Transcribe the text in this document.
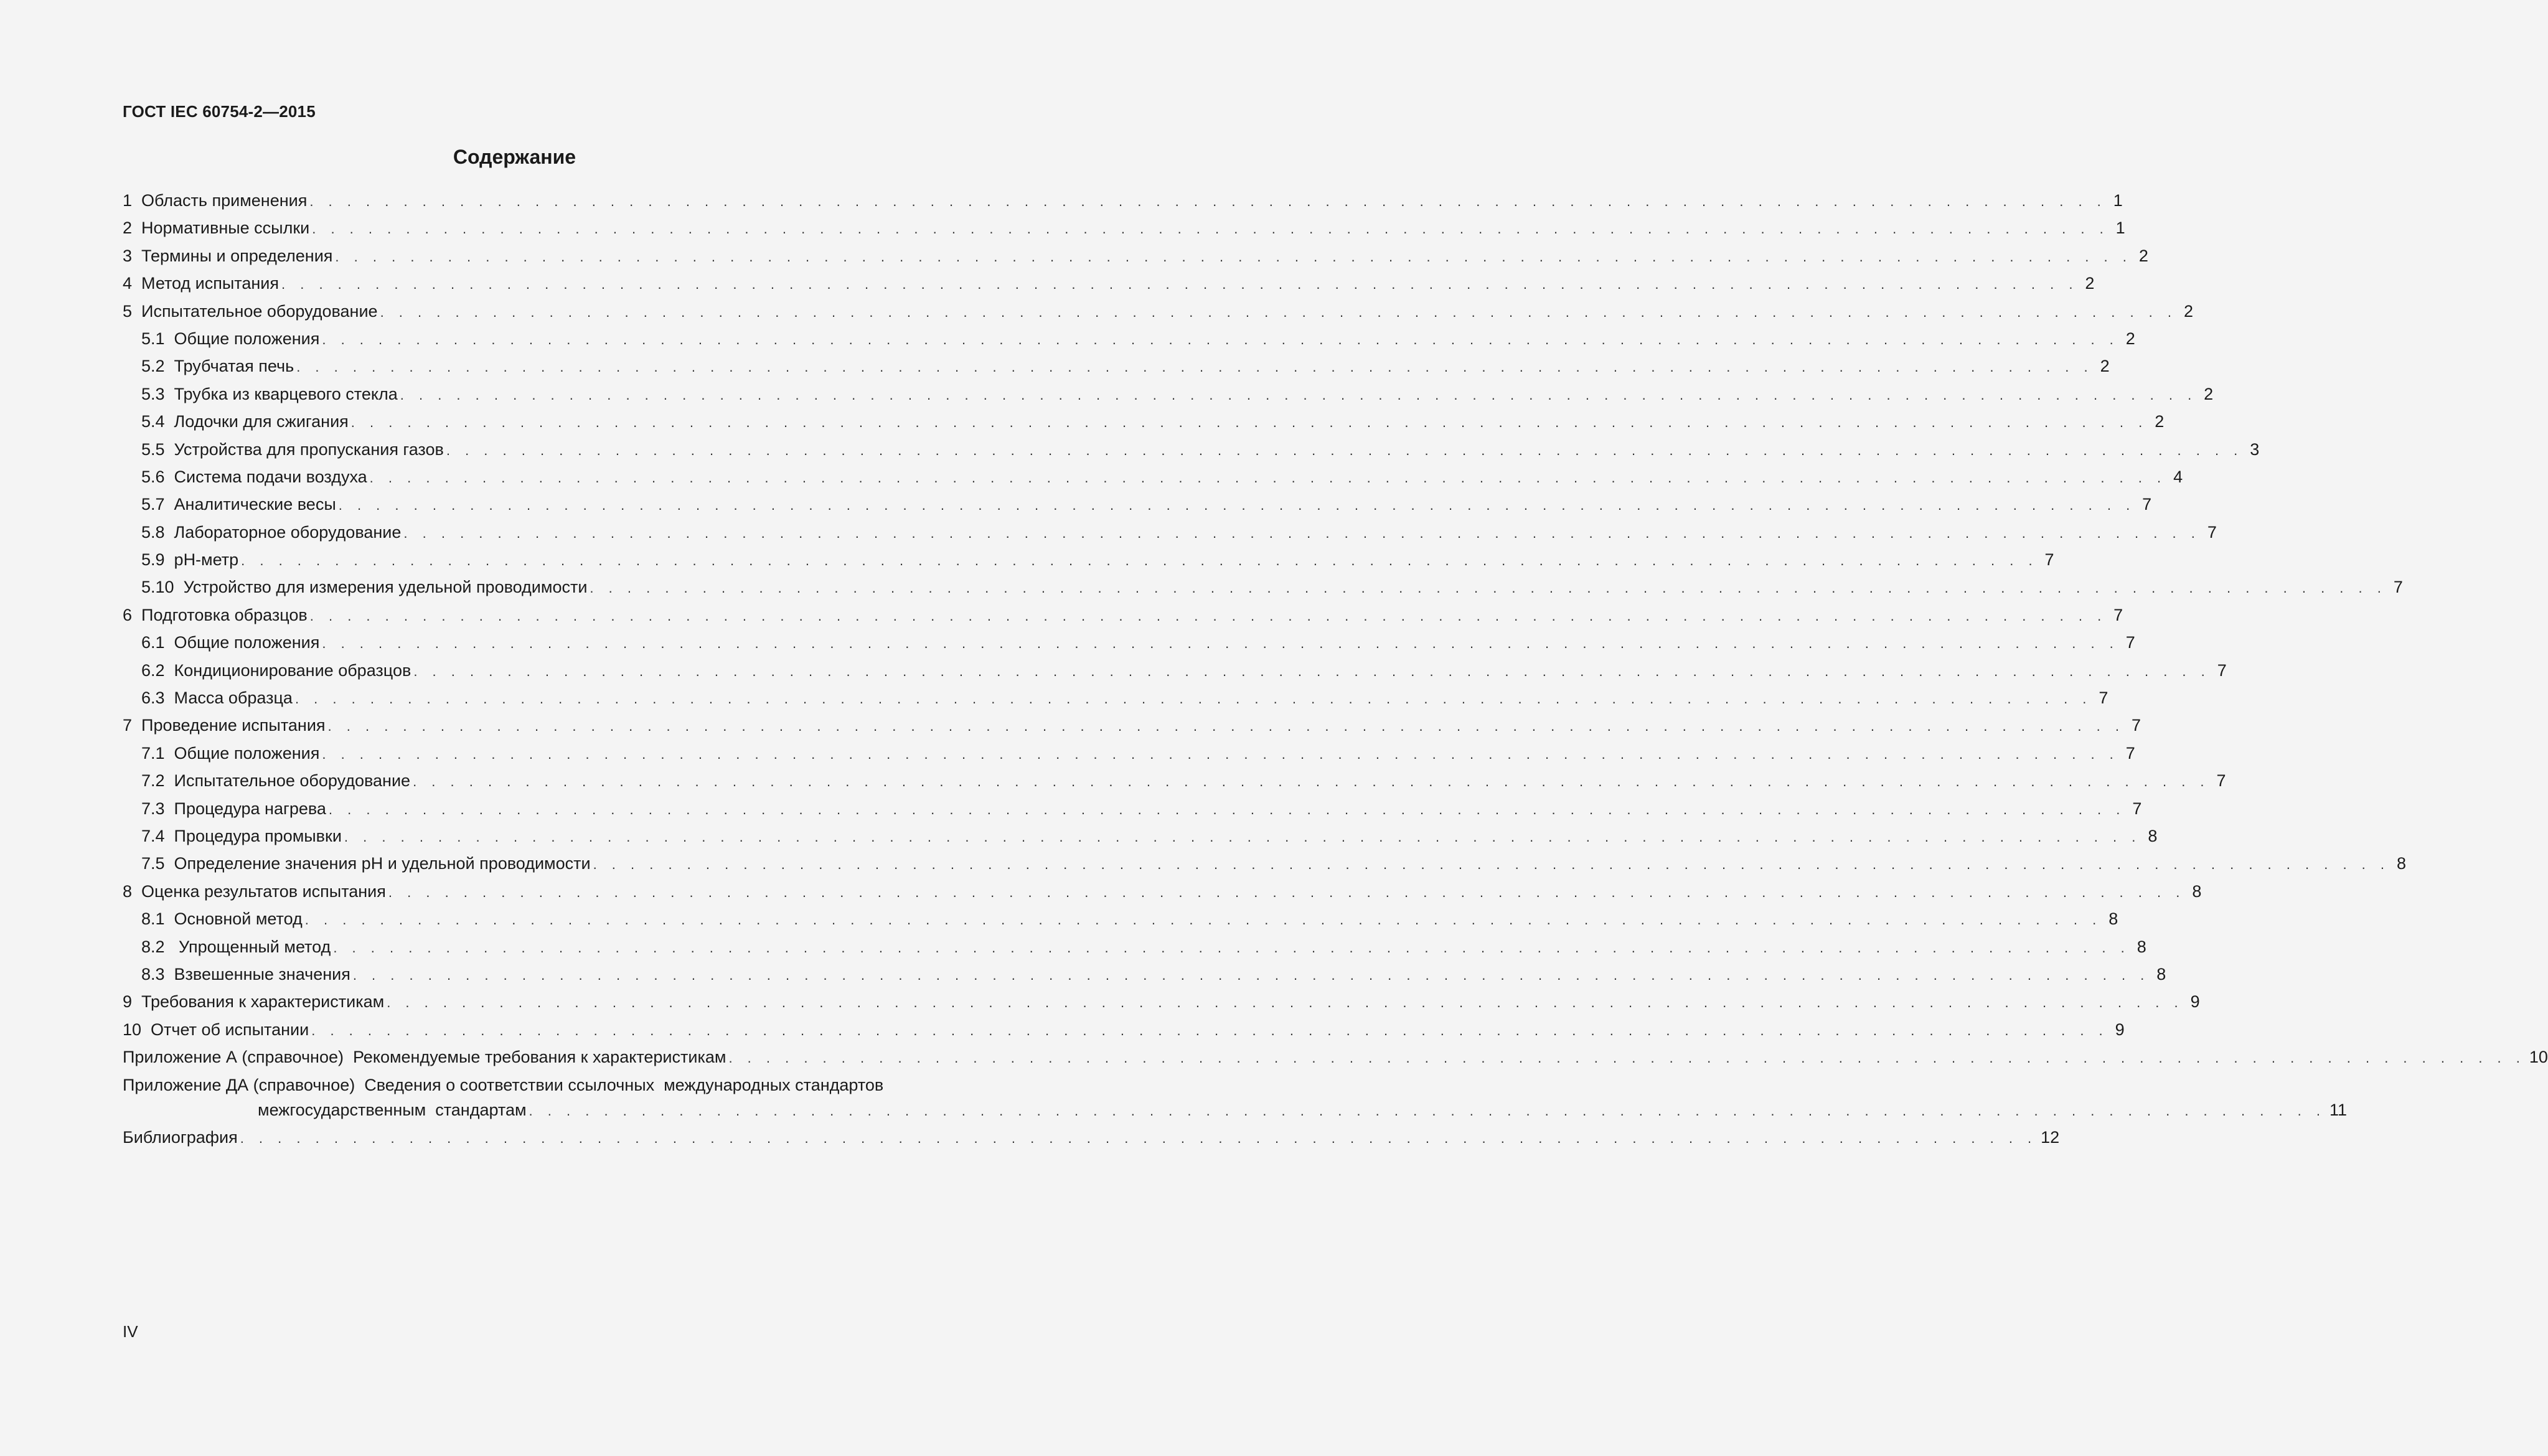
ГОСТ IEC 60754-2—2015
Содержание
1 Область применения . . . . . . . . . . . . . . . . . . . . . . . . . . . . . . . . . . . . . . . . . . . . . . . . . . . . . . . . . . . . . . . . . . . . . . . . . . . . . . . . . . . . . . . . . . . . . . . . 1
2 Нормативные ссылки . . . . . . . . . . . . . . . . . . . . . . . . . . . . . . . . . . . . . . . . . . . . . . . . . . . . . . . . . . . . . . . . . . . . . . . . . . . . . . . . . . . . . . . . . . . . . . . . 1
3 Термины и определения . . . . . . . . . . . . . . . . . . . . . . . . . . . . . . . . . . . . . . . . . . . . . . . . . . . . . . . . . . . . . . . . . . . . . . . . . . . . . . . . . . . . . . . . . . . . . . . . 2
4 Метод испытания . . . . . . . . . . . . . . . . . . . . . . . . . . . . . . . . . . . . . . . . . . . . . . . . . . . . . . . . . . . . . . . . . . . . . . . . . . . . . . . . . . . . . . . . . . . . . . . . 2
5 Испытательное оборудование . . . . . . . . . . . . . . . . . . . . . . . . . . . . . . . . . . . . . . . . . . . . . . . . . . . . . . . . . . . . . . . . . . . . . . . . . . . . . . . . . . . . . . . . . . . . . . . . 2
5.1 Общие положения . . . . . . . . . . . . . . . . . . . . . . . . . . . . . . . . . . . . . . . . . . . . . . . . . . . . . . . . . . . . . . . . . . . . . . . . . . . . . . . . . . . . . . . . . . . . . . . . 2
5.2 Трубчатая печь . . . . . . . . . . . . . . . . . . . . . . . . . . . . . . . . . . . . . . . . . . . . . . . . . . . . . . . . . . . . . . . . . . . . . . . . . . . . . . . . . . . . . . . . . . . . . . . . 2
5.3 Трубка из кварцевого стекла . . . . . . . . . . . . . . . . . . . . . . . . . . . . . . . . . . . . . . . . . . . . . . . . . . . . . . . . . . . . . . . . . . . . . . . . . . . . . . . . . . . . . . . . . . . . . . . . 2
5.4 Лодочки для сжигания . . . . . . . . . . . . . . . . . . . . . . . . . . . . . . . . . . . . . . . . . . . . . . . . . . . . . . . . . . . . . . . . . . . . . . . . . . . . . . . . . . . . . . . . . . . . . . . . 2
5.5 Устройства для пропускания газов . . . . . . . . . . . . . . . . . . . . . . . . . . . . . . . . . . . . . . . . . . . . . . . . . . . . . . . . . . . . . . . . . . . . . . . . . . . . . . . . . . . . . . . . . . . . . . . . 3
5.6 Система подачи воздуха . . . . . . . . . . . . . . . . . . . . . . . . . . . . . . . . . . . . . . . . . . . . . . . . . . . . . . . . . . . . . . . . . . . . . . . . . . . . . . . . . . . . . . . . . . . . . . . . 4
5.7 Аналитические весы . . . . . . . . . . . . . . . . . . . . . . . . . . . . . . . . . . . . . . . . . . . . . . . . . . . . . . . . . . . . . . . . . . . . . . . . . . . . . . . . . . . . . . . . . . . . . . . . 7
5.8 Лабораторное оборудование . . . . . . . . . . . . . . . . . . . . . . . . . . . . . . . . . . . . . . . . . . . . . . . . . . . . . . . . . . . . . . . . . . . . . . . . . . . . . . . . . . . . . . . . . . . . . . . . 7
5.9 рН-метр . . . . . . . . . . . . . . . . . . . . . . . . . . . . . . . . . . . . . . . . . . . . . . . . . . . . . . . . . . . . . . . . . . . . . . . . . . . . . . . . . . . . . . . . . . . . . . . . 7
5.10 Устройство для измерения удельной проводимости . . . . . . . . . . . . . . . . . . . . . . . . . . . . . . . . . . . . . . . . . . . . . . . . . . . . . . . . . . . . . . . . . . . . . . . . . . . . . . . . . . . . . . . . . . . . . . . . 7
6 Подготовка образцов . . . . . . . . . . . . . . . . . . . . . . . . . . . . . . . . . . . . . . . . . . . . . . . . . . . . . . . . . . . . . . . . . . . . . . . . . . . . . . . . . . . . . . . . . . . . . . . . 7
6.1 Общие положения . . . . . . . . . . . . . . . . . . . . . . . . . . . . . . . . . . . . . . . . . . . . . . . . . . . . . . . . . . . . . . . . . . . . . . . . . . . . . . . . . . . . . . . . . . . . . . . . 7
6.2 Кондиционирование образцов . . . . . . . . . . . . . . . . . . . . . . . . . . . . . . . . . . . . . . . . . . . . . . . . . . . . . . . . . . . . . . . . . . . . . . . . . . . . . . . . . . . . . . . . . . . . . . . . 7
6.3 Масса образца . . . . . . . . . . . . . . . . . . . . . . . . . . . . . . . . . . . . . . . . . . . . . . . . . . . . . . . . . . . . . . . . . . . . . . . . . . . . . . . . . . . . . . . . . . . . . . . . 7
7 Проведение испытания . . . . . . . . . . . . . . . . . . . . . . . . . . . . . . . . . . . . . . . . . . . . . . . . . . . . . . . . . . . . . . . . . . . . . . . . . . . . . . . . . . . . . . . . . . . . . . . . 7
7.1 Общие положения . . . . . . . . . . . . . . . . . . . . . . . . . . . . . . . . . . . . . . . . . . . . . . . . . . . . . . . . . . . . . . . . . . . . . . . . . . . . . . . . . . . . . . . . . . . . . . . . 7
7.2 Испытательное оборудование . . . . . . . . . . . . . . . . . . . . . . . . . . . . . . . . . . . . . . . . . . . . . . . . . . . . . . . . . . . . . . . . . . . . . . . . . . . . . . . . . . . . . . . . . . . . . . . . 7
7.3 Процедура нагрева . . . . . . . . . . . . . . . . . . . . . . . . . . . . . . . . . . . . . . . . . . . . . . . . . . . . . . . . . . . . . . . . . . . . . . . . . . . . . . . . . . . . . . . . . . . . . . . . 7
7.4 Процедура промывки . . . . . . . . . . . . . . . . . . . . . . . . . . . . . . . . . . . . . . . . . . . . . . . . . . . . . . . . . . . . . . . . . . . . . . . . . . . . . . . . . . . . . . . . . . . . . . . . 8
7.5 Определение значения рН и удельной проводимости . . . . . . . . . . . . . . . . . . . . . . . . . . . . . . . . . . . . . . . . . . . . . . . . . . . . . . . . . . . . . . . . . . . . . . . . . . . . . . . . . . . . . . . . . . . . . . . . 8
8 Оценка результатов испытания . . . . . . . . . . . . . . . . . . . . . . . . . . . . . . . . . . . . . . . . . . . . . . . . . . . . . . . . . . . . . . . . . . . . . . . . . . . . . . . . . . . . . . . . . . . . . . . . 8
8.1 Основной метод . . . . . . . . . . . . . . . . . . . . . . . . . . . . . . . . . . . . . . . . . . . . . . . . . . . . . . . . . . . . . . . . . . . . . . . . . . . . . . . . . . . . . . . . . . . . . . . . 8
8.2 Упрощенный метод . . . . . . . . . . . . . . . . . . . . . . . . . . . . . . . . . . . . . . . . . . . . . . . . . . . . . . . . . . . . . . . . . . . . . . . . . . . . . . . . . . . . . . . . . . . . . . . . 8
8.3 Взвешенные значения . . . . . . . . . . . . . . . . . . . . . . . . . . . . . . . . . . . . . . . . . . . . . . . . . . . . . . . . . . . . . . . . . . . . . . . . . . . . . . . . . . . . . . . . . . . . . . . . 8
9 Требования к характеристикам . . . . . . . . . . . . . . . . . . . . . . . . . . . . . . . . . . . . . . . . . . . . . . . . . . . . . . . . . . . . . . . . . . . . . . . . . . . . . . . . . . . . . . . . . . . . . . . . 9
10 Отчет об испытании . . . . . . . . . . . . . . . . . . . . . . . . . . . . . . . . . . . . . . . . . . . . . . . . . . . . . . . . . . . . . . . . . . . . . . . . . . . . . . . . . . . . . . . . . . . . . . . . 9
Приложение А (справочное)  Рекомендуемые требования к характеристикам . . . . . . . . . . . . . . . . . . . . . . . . . . . . . . . . . . . . . . . . . . . . . . . . . . . . . . . . . . . . . . . . . . . . . . . . . . . . . . . . . . . . . . . . . . . . . . . . 10
Приложение ДА (справочное)  Сведения о соответствии ссылочных  международных стандартов
межгосударственным  стандартам . . . . . . . . . . . . . . . . . . . . . . . . . . . . . . . . . . . . . . . . . . . . . . . . . . . . . . . . . . . . . . . . . . . . . . . . . . . . . . . . . . . . . . . . . . . . . . . . 11
Библиография . . . . . . . . . . . . . . . . . . . . . . . . . . . . . . . . . . . . . . . . . . . . . . . . . . . . . . . . . . . . . . . . . . . . . . . . . . . . . . . . . . . . . . . . . . . . . . . . 12
IV
